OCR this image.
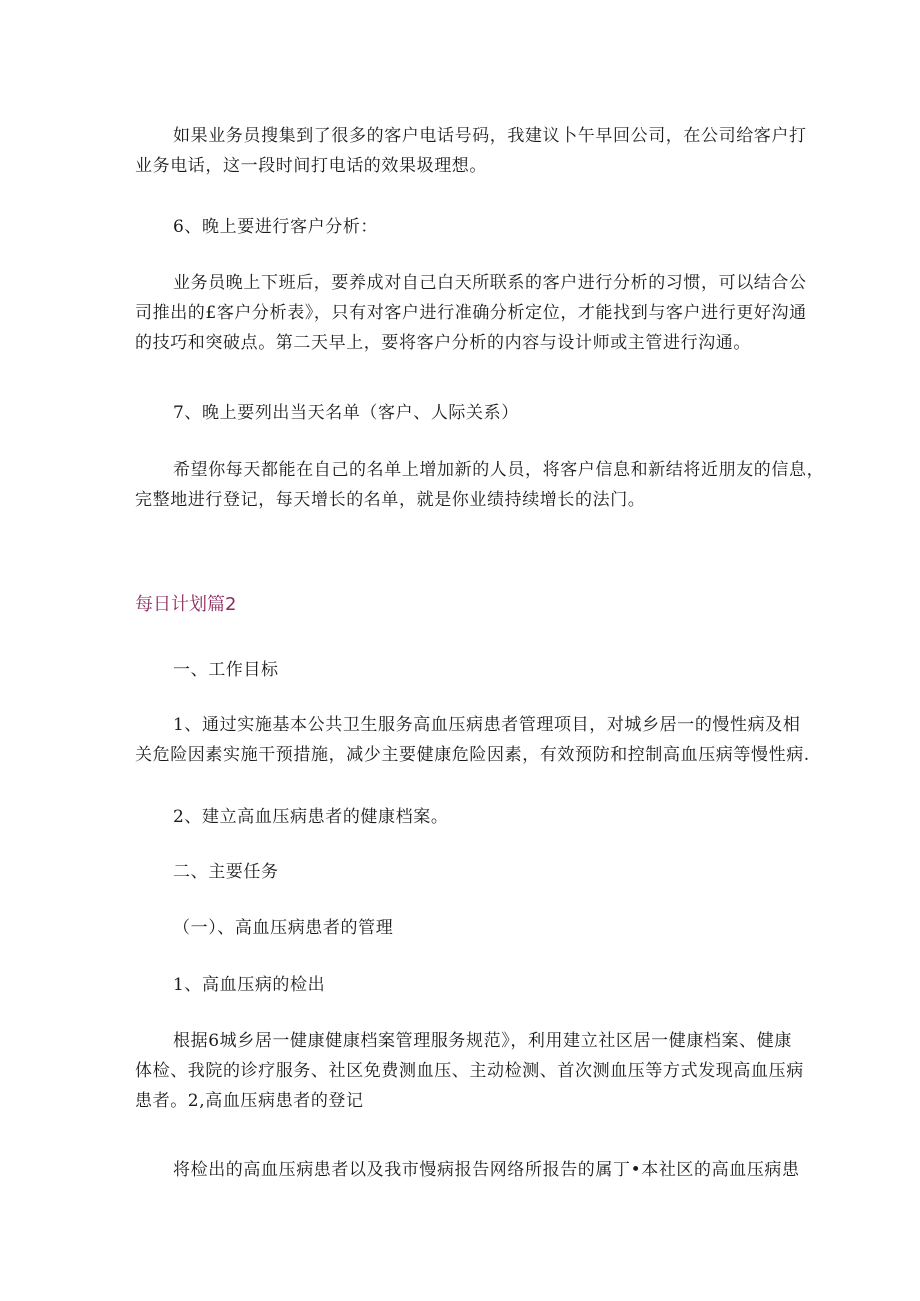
如果业务员搜集到了很多的客户电话号码，我建议卜午早回公司，在公司给客户打
业务电话，这一段时间打电话的效果圾理想。
6、晚上要进行客户分析：
业务员晚上下班后，要养成对自己白天所联系的客户进行分析的习惯，可以结合公
司推出的£客户分析表》，只有对客户进行准确分析定位，才能找到与客户进行更好沟通
的技巧和突破点。第二天早上，要将客户分析的内容与设计师或主管进行沟通。
7、晚上要列出当天名单（客户、人际关系）
希望你每天都能在自己的名单上增加新的人员，将客户信息和新结将近朋友的信息，
完整地进行登记，每天增长的名单，就是你业绩持续增长的法门。
每日计划篇2
一、工作目标
1、通过实施基本公共卫生服务高血压病患者管理项目，对城乡居一的慢性病及相
关危险因素实施干预措施，减少主要健康危险因素，有效预防和控制高血压病等慢性病.
2、建立高血压病患者的健康档案。
二、主要任务
（一）、高血压病患者的管理
1、高血压病的检出
根据6城乡居一健康健康档案管理服务规范》，利用建立社区居一健康档案、健康
体检、我院的诊疗服务、社区免费测血压、主动检测、首次测血压等方式发现高血压病
患者。2,高血压病患者的登记
将检出的高血压病患者以及我市慢病报告网络所报告的属丁•本社区的高血压病患
